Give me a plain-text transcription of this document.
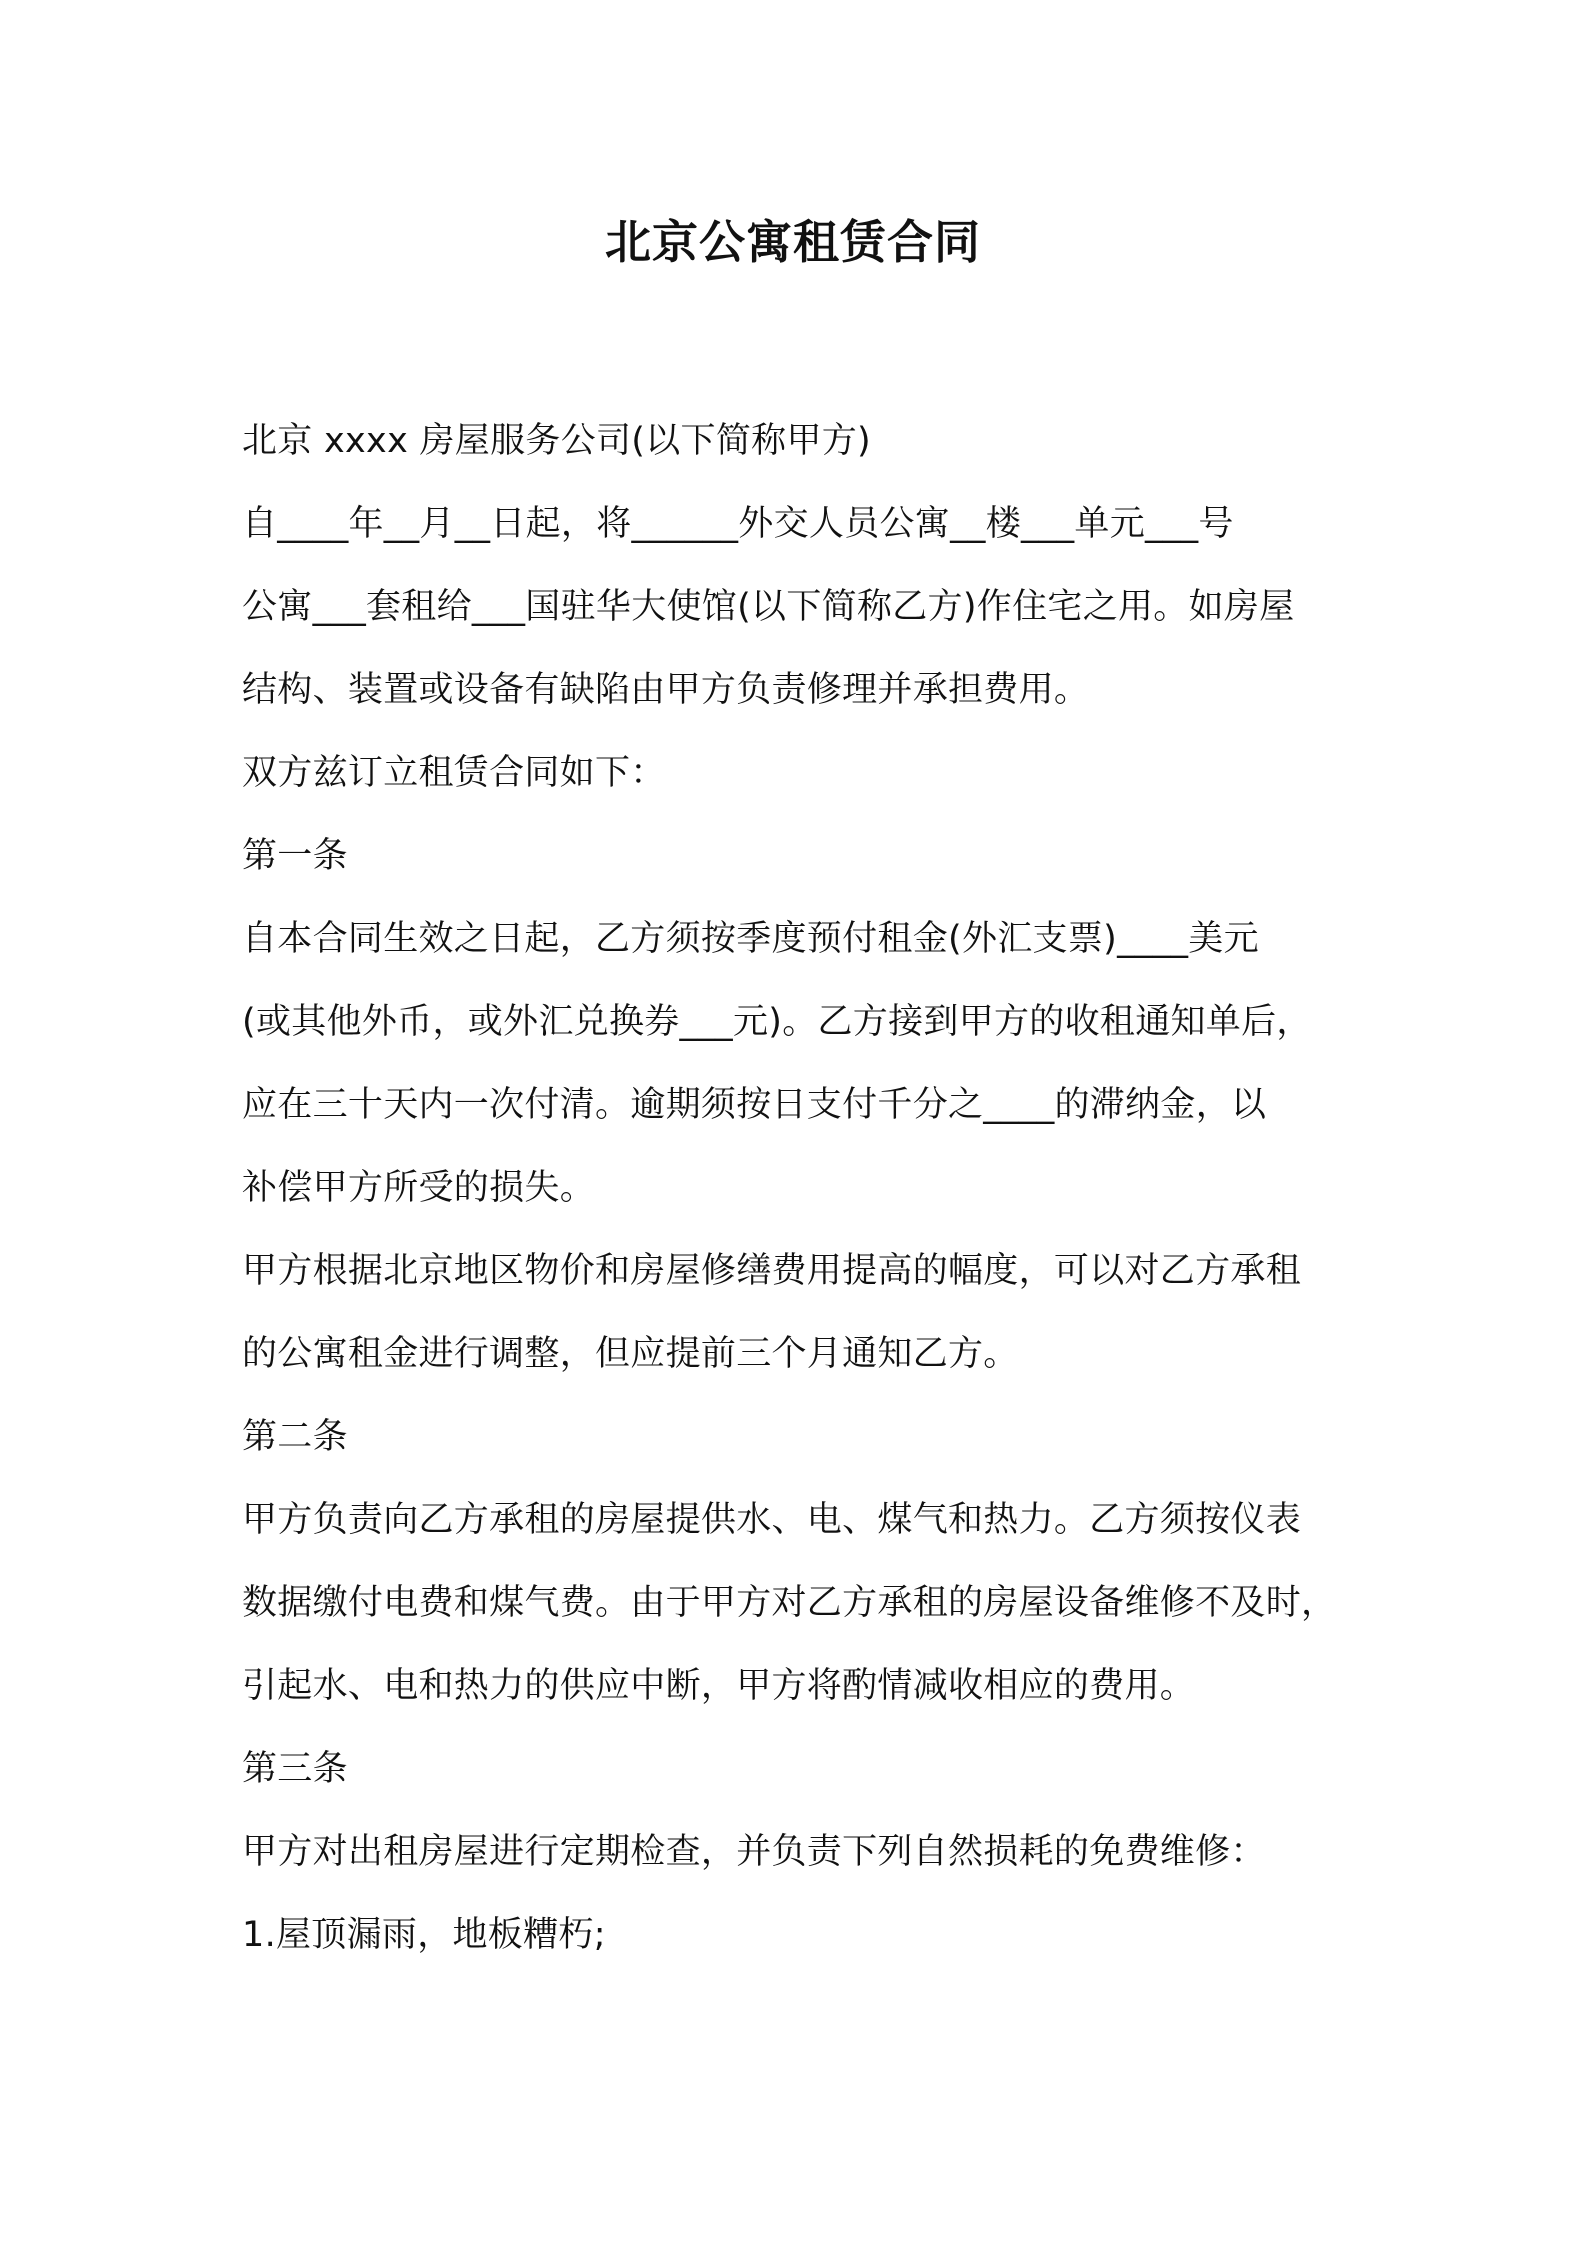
北京公寓租赁合同
北京 xxxx 房屋服务公司(以下简称甲方)
自____年__月__日起，将______外交人员公寓__楼___单元___号
公寓___套租给___国驻华大使馆(以下简称乙方)作住宅之用。如房屋
结构、装置或设备有缺陷由甲方负责修理并承担费用。
双方兹订立租赁合同如下：
第一条
自本合同生效之日起，乙方须按季度预付租金(外汇支票)____美元
(或其他外币，或外汇兑换券___元)。乙方接到甲方的收租通知单后，
应在三十天内一次付清。逾期须按日支付千分之____的滞纳金，以
补偿甲方所受的损失。
甲方根据北京地区物价和房屋修缮费用提高的幅度，可以对乙方承租
的公寓租金进行调整，但应提前三个月通知乙方。
第二条
甲方负责向乙方承租的房屋提供水、电、煤气和热力。乙方须按仪表
数据缴付电费和煤气费。由于甲方对乙方承租的房屋设备维修不及时，
引起水、电和热力的供应中断，甲方将酌情减收相应的费用。
第三条
甲方对出租房屋进行定期检查，并负责下列自然损耗的免费维修：
1.屋顶漏雨，地板糟朽;
